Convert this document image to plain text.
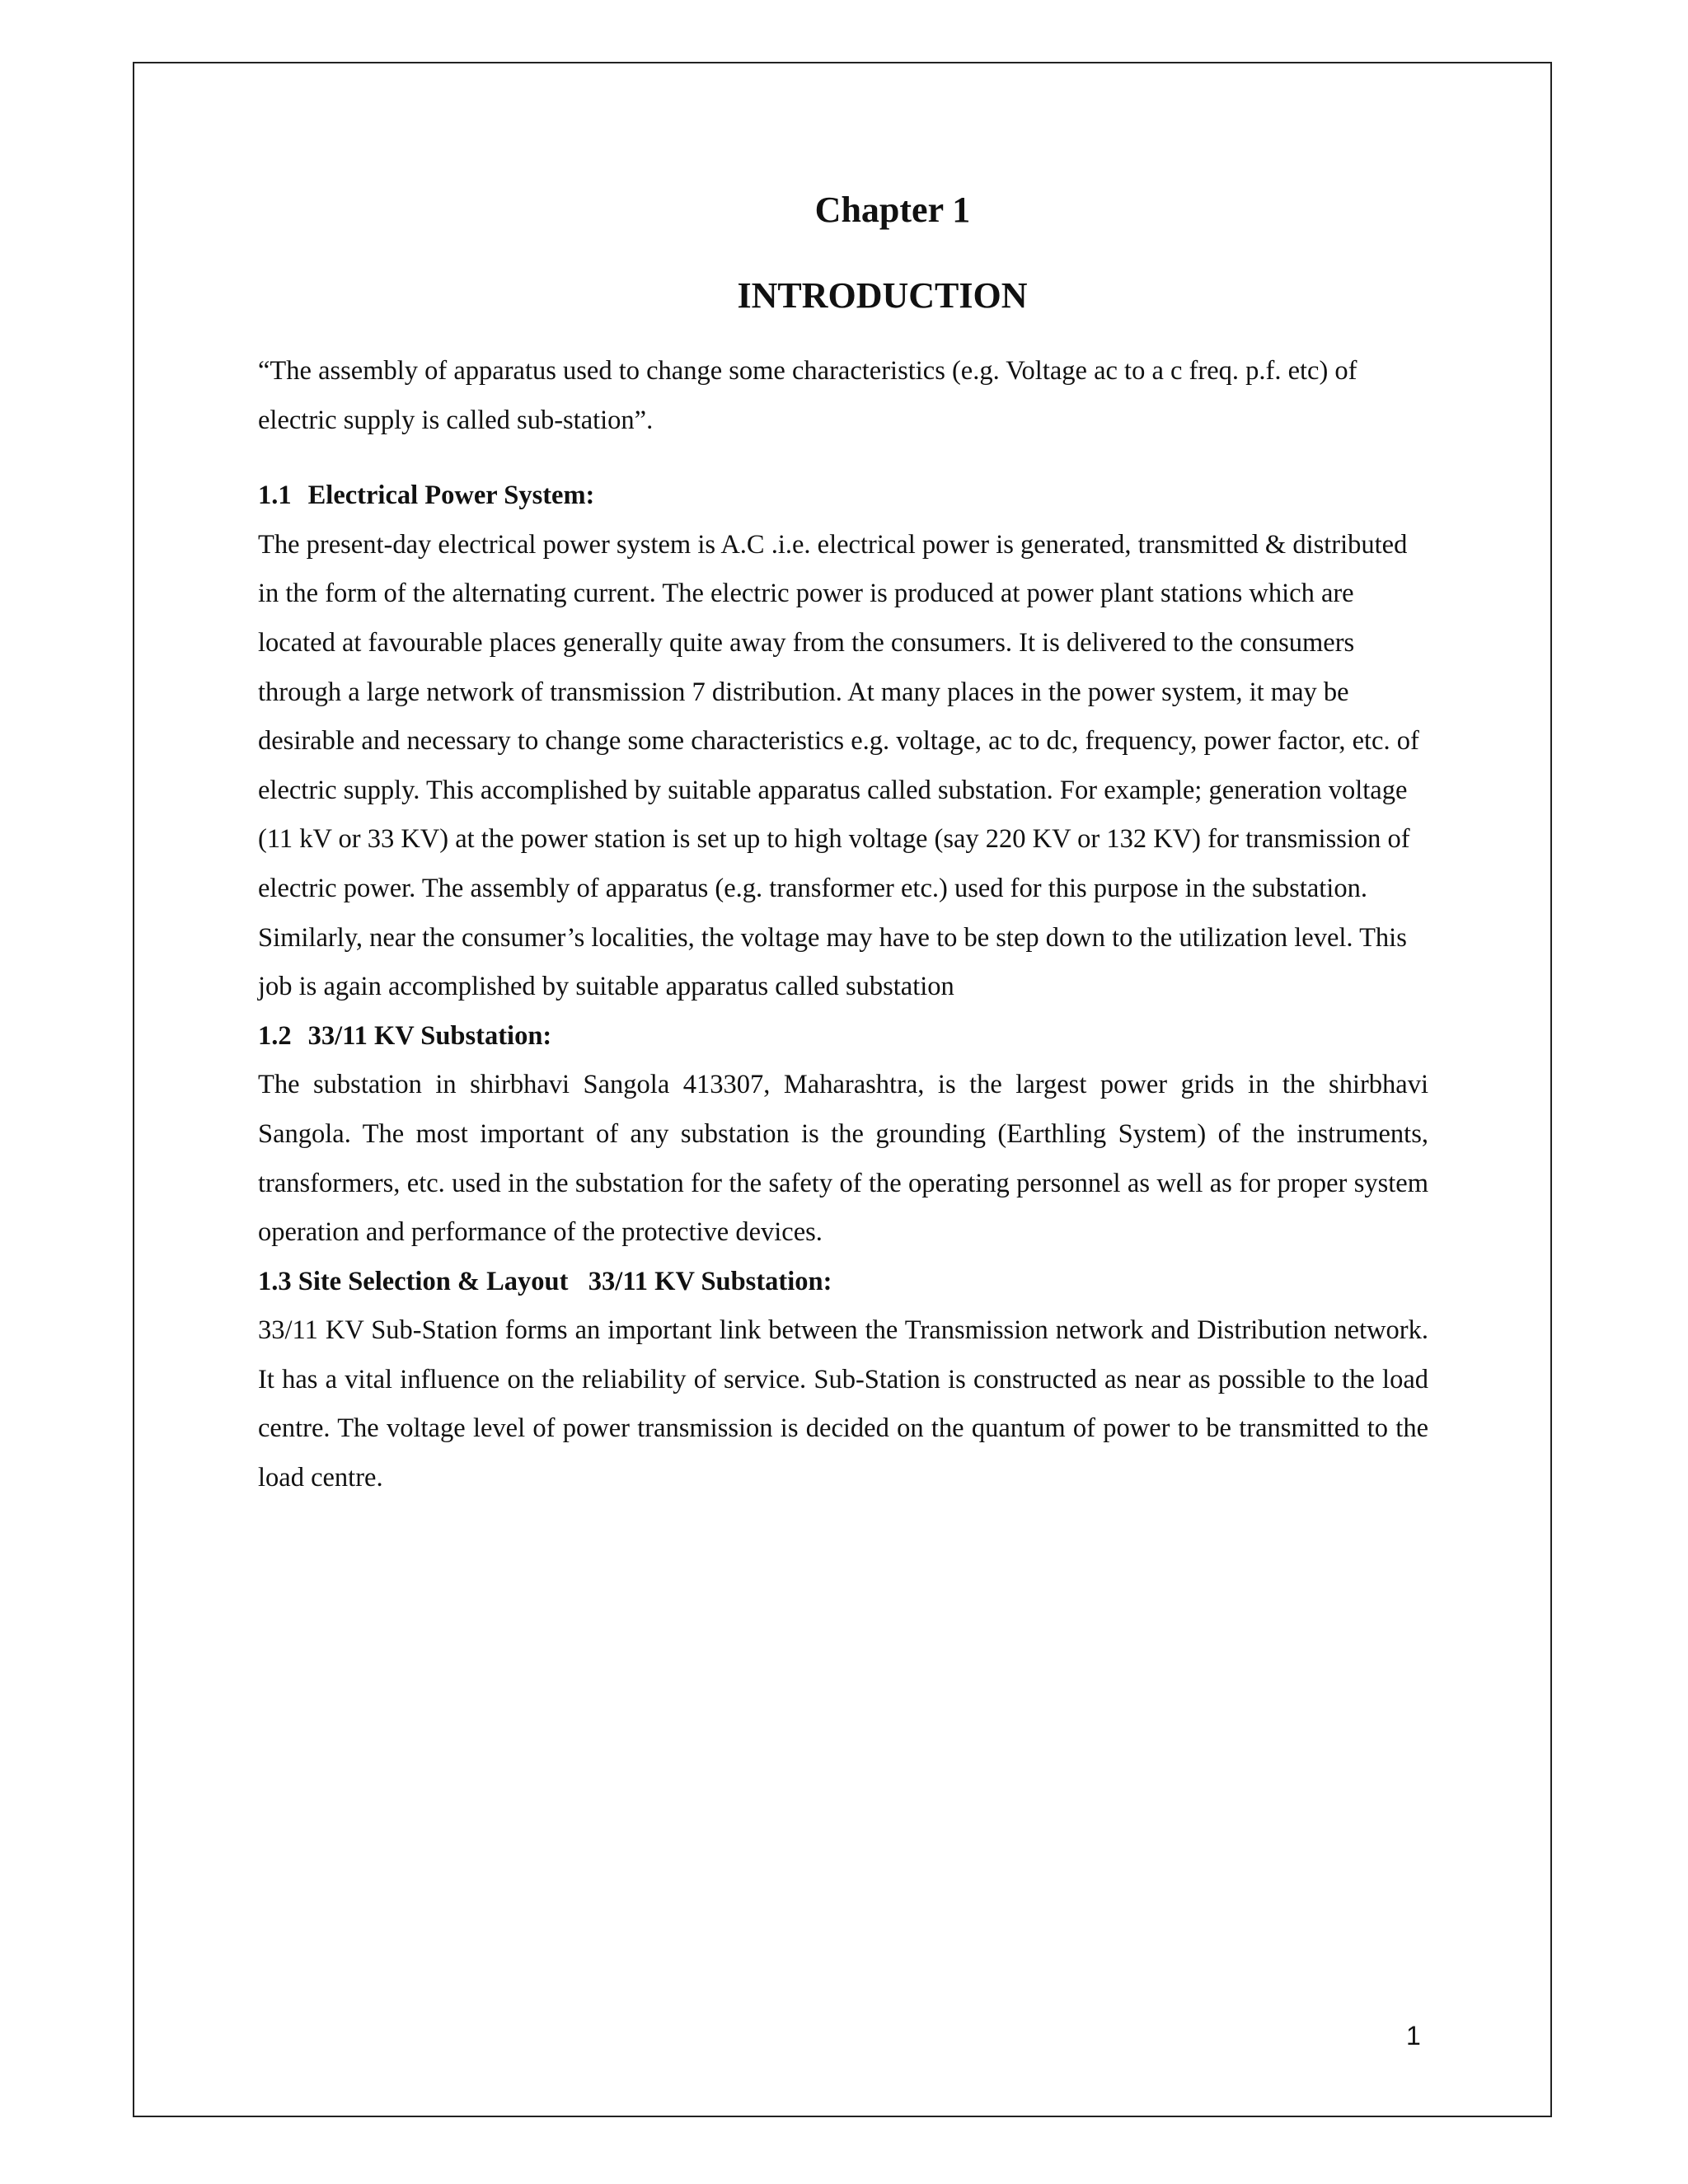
Chapter 1
INTRODUCTION

“The assembly of apparatus used to change some characteristics (e.g. Voltage ac to a c freq. p.f. etc) of electric supply is called sub-station”.

1.1 Electrical Power System:

The present-day electrical power system is A.C .i.e. electrical power is generated, transmitted & distributed in the form of the alternating current. The electric power is produced at power plant stations which are located at favourable places generally quite away from the consumers. It is delivered to the consumers through a large network of transmission 7 distribution. At many places in the power system, it may be desirable and necessary to change some characteristics e.g. voltage, ac to dc, frequency, power factor, etc. of electric supply. This accomplished by suitable apparatus called substation. For example; generation voltage (11 kV or 33 KV) at the power station is set up to high voltage (say 220 KV or 132 KV) for transmission of electric power. The assembly of apparatus (e.g. transformer etc.) used for this purpose in the substation. Similarly, near the consumer’s localities, the voltage may have to be step down to the utilization level. This job is again accomplished by suitable apparatus called substation

1.2 33/11 KV Substation:

The substation in shirbhavi Sangola 413307, Maharashtra, is the largest power grids in the shirbhavi Sangola. The most important of any substation is the grounding (Earthling System) of the instruments, transformers, etc. used in the substation for the safety of the operating personnel as well as for proper system operation and performance of the protective devices.

1.3 Site Selection & Layout   33/11 KV Substation:

33/11 KV Sub-Station forms an important link between the Transmission network and Distribution network. It has a vital influence on the reliability of service. Sub-Station is constructed as near as possible to the load centre. The voltage level of power transmission is decided on the quantum of power to be transmitted to the load centre.

1
